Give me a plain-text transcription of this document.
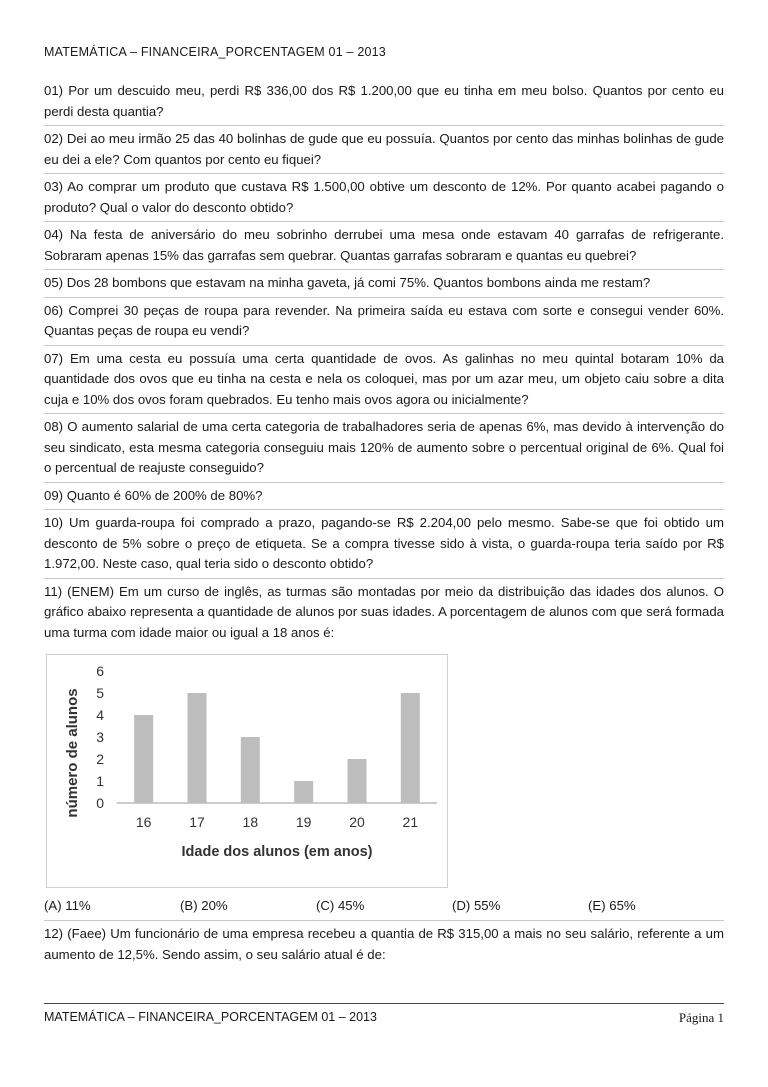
MATEMÁTICA – FINANCEIRA_PORCENTAGEM 01 – 2013
01) Por um descuido meu, perdi R$ 336,00 dos R$ 1.200,00 que eu tinha em meu bolso. Quantos por cento eu perdi desta quantia?
02) Dei ao meu irmão 25 das 40 bolinhas de gude que eu possuía. Quantos por cento das minhas bolinhas de gude eu dei a ele? Com quantos por cento eu fiquei?
03) Ao comprar um produto que custava R$ 1.500,00 obtive um desconto de 12%. Por quanto acabei pagando o produto? Qual o valor do desconto obtido?
04) Na festa de aniversário do meu sobrinho derrubei uma mesa onde estavam 40 garrafas de refrigerante. Sobraram apenas 15% das garrafas sem quebrar. Quantas garrafas sobraram e quantas eu quebrei?
05) Dos 28 bombons que estavam na minha gaveta, já comi 75%. Quantos bombons ainda me restam?
06) Comprei 30 peças de roupa para revender. Na primeira saída eu estava com sorte e consegui vender 60%. Quantas peças de roupa eu vendi?
07) Em uma cesta eu possuía uma certa quantidade de ovos. As galinhas no meu quintal botaram 10% da quantidade dos ovos que eu tinha na cesta e nela os coloquei, mas por um azar meu, um objeto caiu sobre a dita cuja e 10% dos ovos foram quebrados. Eu tenho mais ovos agora ou inicialmente?
08) O aumento salarial de uma certa categoria de trabalhadores seria de apenas 6%, mas devido à intervenção do seu sindicato, esta mesma categoria conseguiu mais 120% de aumento sobre o percentual original de 6%. Qual foi o percentual de reajuste conseguido?
09) Quanto é 60% de 200% de 80%?
10) Um guarda-roupa foi comprado a prazo, pagando-se R$ 2.204,00 pelo mesmo. Sabe-se que foi obtido um desconto de 5% sobre o preço de etiqueta. Se a compra tivesse sido à vista, o guarda-roupa teria saído por R$ 1.972,00. Neste caso, qual teria sido o desconto obtido?
11) (ENEM) Em um curso de inglês, as turmas são montadas por meio da distribuição das idades dos alunos. O gráfico abaixo representa a quantidade de alunos por suas idades. A porcentagem de alunos com que será formada uma turma com idade maior ou igual a 18 anos é:
0
1
2
3
4
5
6
16	17	18	19	20	21
número de alunos
Idade dos alunos (em anos)
(A) 11%	(B) 20%	(C) 45%	(D) 55%	(E) 65%
12) (Faee) Um funcionário de uma empresa recebeu a quantia de R$ 315,00 a mais no seu salário, referente a um aumento de 12,5%. Sendo assim, o seu salário atual é de:
MATEMÁTICA – FINANCEIRA_PORCENTAGEM 01 – 2013	Página 1
